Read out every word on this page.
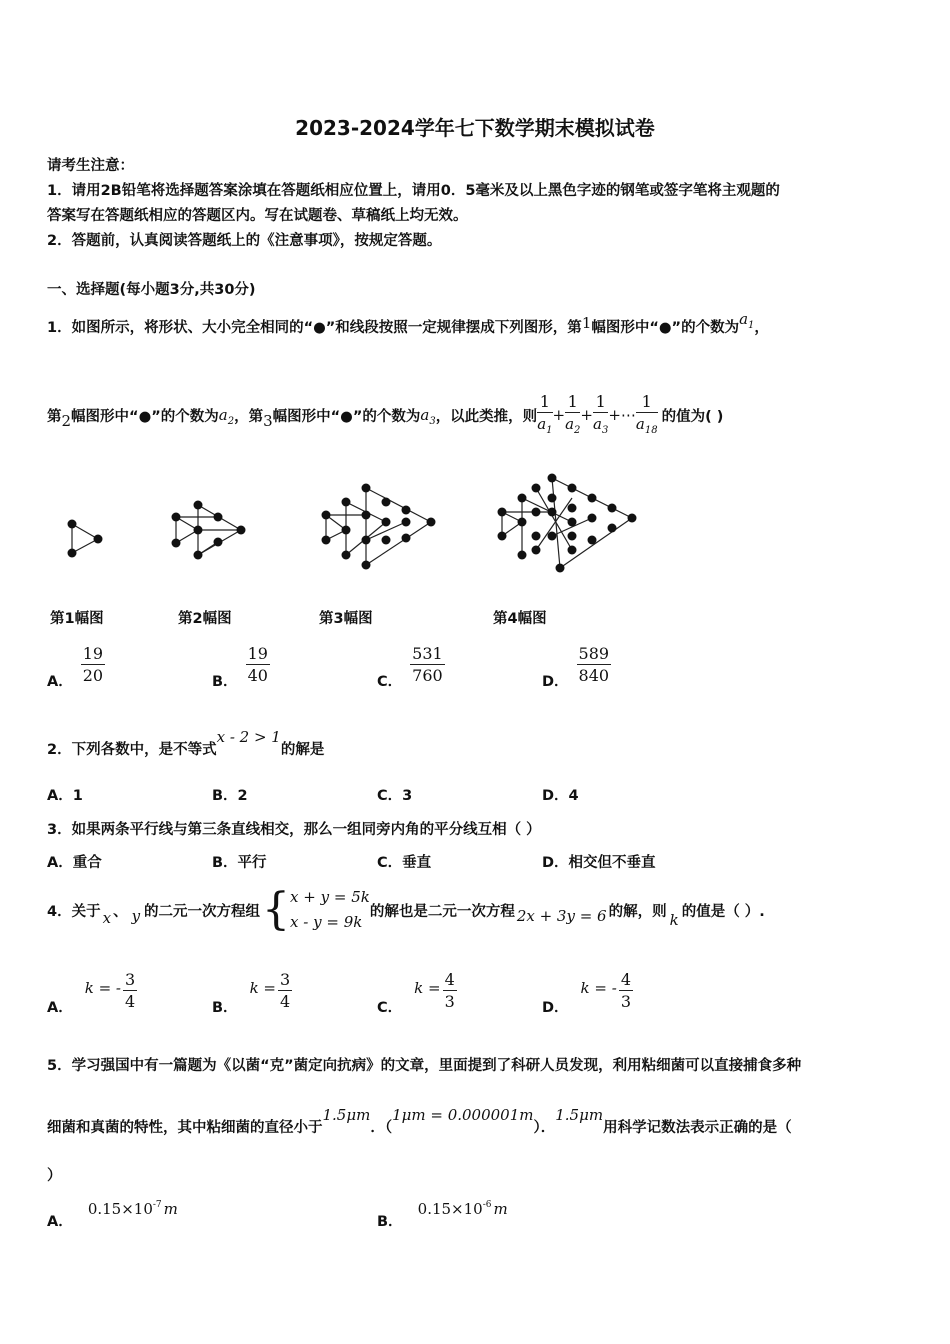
2023-2024学年七下数学期末模拟试卷
请考生注意：
1．请用2B铅笔将选择题答案涂填在答题纸相应位置上，请用0．5毫米及以上黑色字迹的钢笔或签字笔将主观题的
答案写在答题纸相应的答题区内。写在试题卷、草稿纸上均无效。
2．答题前，认真阅读答题纸上的《注意事项》，按规定答题。
一、选择题(每小题3分,共30分)
1．如图所示，将形状、大小完全相同的“●”和线段按照一定规律摆成下列图形，第1幅图形中“●”的个数为$a_1$，
第 2 幅图形中“●”的个数为 $a_2$ ，第 3 幅图形中“●”的个数为 $a_3$ ，以此类推，则 $\frac{1}{a_1} + \frac{1}{a_2} + \frac{1}{a_3}$ +⋯ $\frac{1}{a_{18}}$ 的值为( )
第1幅图	第2幅图	第3幅图	第4幅图
A． $\frac{19}{20}$	B． $\frac{19}{40}$	C． $\frac{531}{760}$	D． $\frac{589}{840}$
2．下列各数中，是不等式x - 2 > 1的解是
A．1	B．2	C．3	D．4
3．如果两条平行线与第三条直线相交，那么一组同旁内角的平分线互相（ ）
A．重合	B．平行	C．垂直	D．相交但不垂直
4．关于 x 、 y 的二元一次方程组 { x + y = 5k
x - y = 9k
的解也是二元一次方程 2x + 3y = 6 的解，则 k 的值是（ ）.
A．
k = - $\frac{3}{4}$	B．
$k = \frac{3}{4}$	C．
$k = \frac{4}{3}$	D．
k = - $\frac{4}{3}$
5．学习强国中有一篇题为《以菌“克”菌定向抗病》的文章，里面提到了科研人员发现，利用粘细菌可以直接捕食多种
细菌和真菌的特性，其中粘细菌的直径小于1.5μm．（1μm = 0.000001m）．1.5μm用科学记数法表示正确的是（
）
A． $0.15\times 10^{-7}$ m
B． $0.15\times 10^{-6}$ m
